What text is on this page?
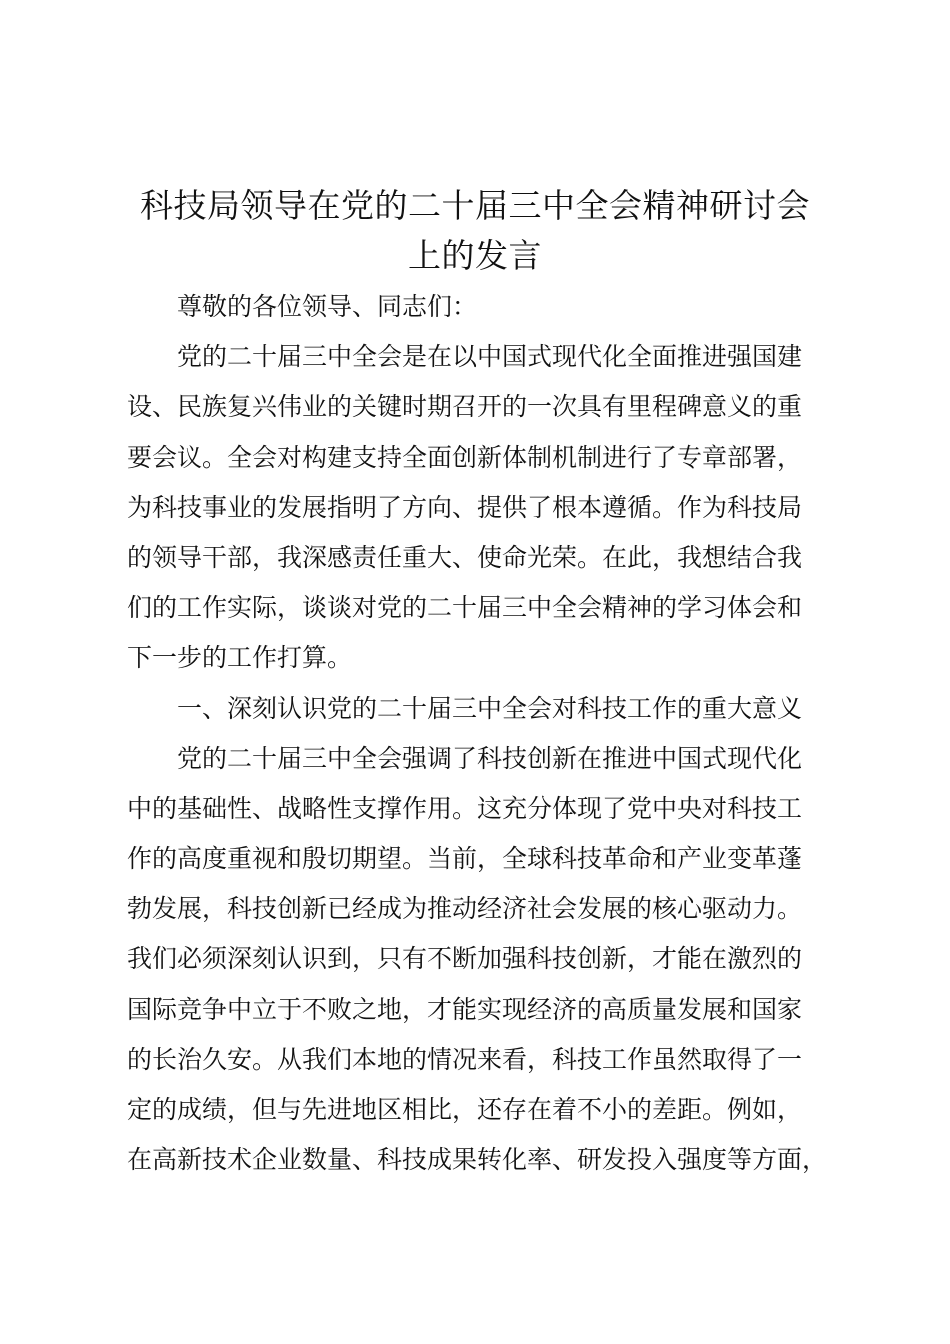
科技局领导在党的二十届三中全会精神研讨会
上的发言
尊敬的各位领导、同志们：
党的二十届三中全会是在以中国式现代化全面推进强国建
设、民族复兴伟业的关键时期召开的一次具有里程碑意义的重
要会议。全会对构建支持全面创新体制机制进行了专章部署，
为科技事业的发展指明了方向、提供了根本遵循。作为科技局
的领导干部，我深感责任重大、使命光荣。在此，我想结合我
们的工作实际，谈谈对党的二十届三中全会精神的学习体会和
下一步的工作打算。
一、深刻认识党的二十届三中全会对科技工作的重大意义
党的二十届三中全会强调了科技创新在推进中国式现代化
中的基础性、战略性支撑作用。这充分体现了党中央对科技工
作的高度重视和殷切期望。当前，全球科技革命和产业变革蓬
勃发展，科技创新已经成为推动经济社会发展的核心驱动力。
我们必须深刻认识到，只有不断加强科技创新，才能在激烈的
国际竞争中立于不败之地，才能实现经济的高质量发展和国家
的长治久安。从我们本地的情况来看，科技工作虽然取得了一
定的成绩，但与先进地区相比，还存在着不小的差距。例如，
在高新技术企业数量、科技成果转化率、研发投入强度等方面，
